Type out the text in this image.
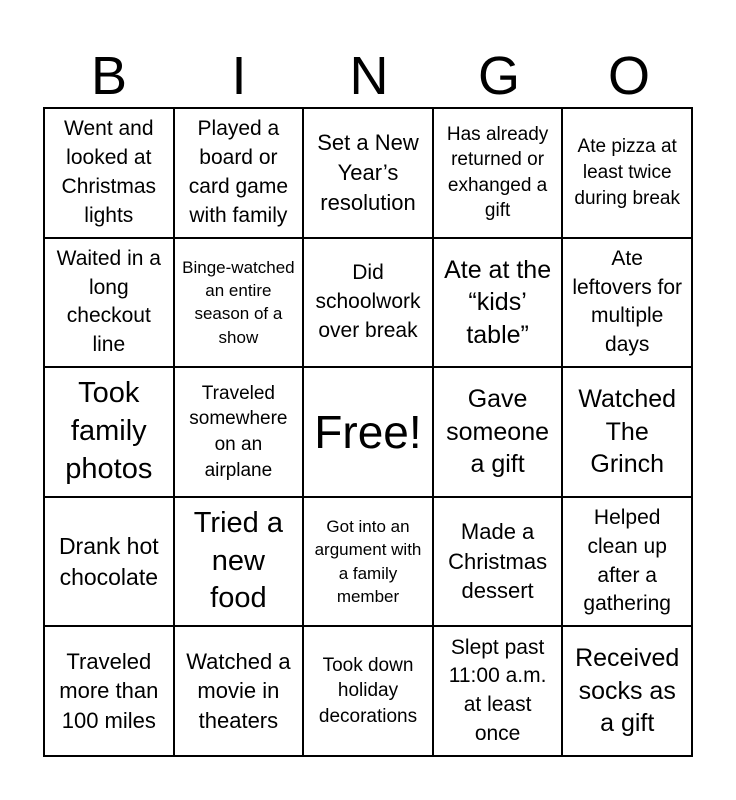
B	I	N	G	O
Went and looked at Christmas lights
Played a board or card game with family
Set a New Year’s resolution
Has already returned or exhanged a gift
Ate pizza at least twice during break
Waited in a long checkout line
Binge-watched an entire season of a show
Did schoolwork over break
Ate at the “kids’ table”
Ate leftovers for multiple days
Took family photos
Traveled somewhere on an airplane
Free!
Gave someone a gift
Watched The Grinch
Drank hot chocolate
Tried a new food
Got into an argument with a family member
Made a Christmas dessert
Helped clean up after a gathering
Traveled more than 100 miles
Watched a movie in theaters
Took down holiday decorations
Slept past 11:00 a.m. at least once
Received socks as a gift
